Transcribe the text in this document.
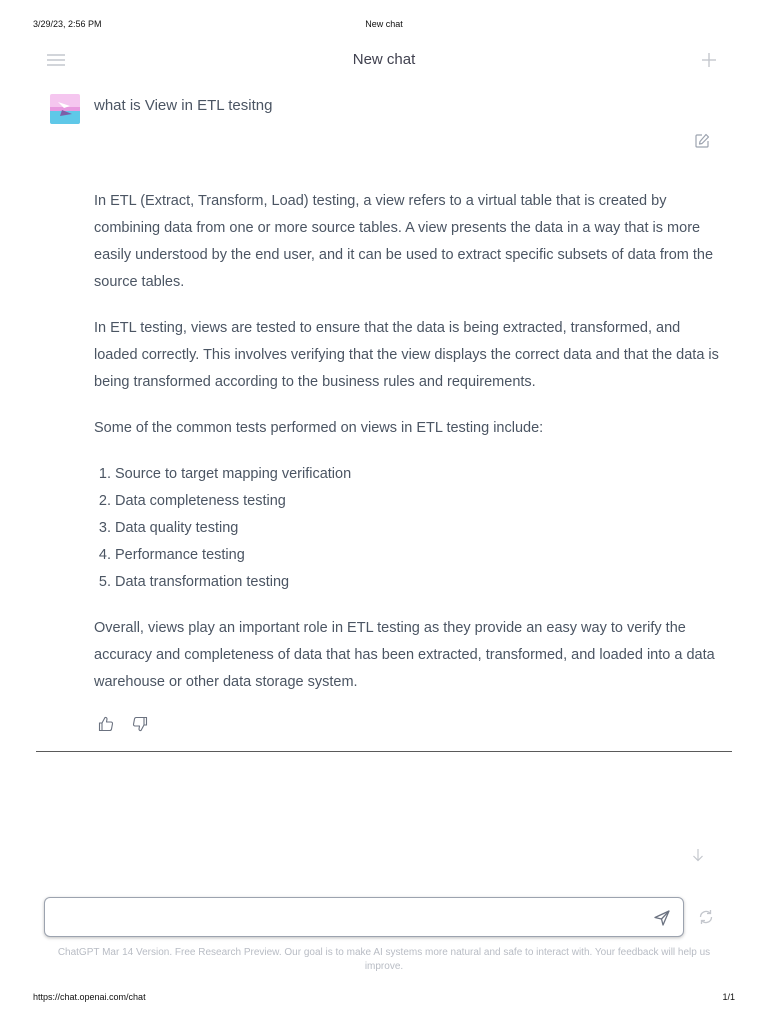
3/29/23, 2:56 PM	New chat
New chat
what is View in ETL tesitng

In ETL (Extract, Transform, Load) testing, a view refers to a virtual table that is created by combining data from one or more source tables. A view presents the data in a way that is more easily understood by the end user, and it can be used to extract specific subsets of data from the source tables.

In ETL testing, views are tested to ensure that the data is being extracted, transformed, and loaded correctly. This involves verifying that the view displays the correct data and that the data is being transformed according to the business rules and requirements.

Some of the common tests performed on views in ETL testing include:

1. Source to target mapping verification
2. Data completeness testing
3. Data quality testing
4. Performance testing
5. Data transformation testing

Overall, views play an important role in ETL testing as they provide an easy way to verify the accuracy and completeness of data that has been extracted, transformed, and loaded into a data warehouse or other data storage system.

ChatGPT Mar 14 Version. Free Research Preview. Our goal is to make AI systems more natural and safe to interact with. Your feedback will help us improve.
https://chat.openai.com/chat	1/1
